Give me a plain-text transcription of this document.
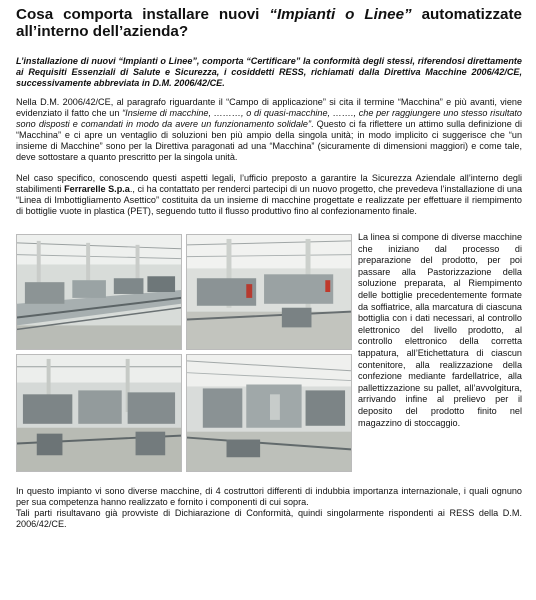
Cosa comporta installare nuovi “Impianti o Linee” automatizzate all’interno dell’azienda?
L’installazione di nuovi “Impianti o Linee”, comporta “Certificare” la conformità degli stessi, riferendosi direttamente ai Requisiti Essenziali di Salute e Sicurezza, i cosiddetti RESS, richiamati dalla Direttiva Macchine 2006/42/CE, successivamente abbreviata in D.M. 2006/42/CE.

Nella D.M. 2006/42/CE, al paragrafo riguardante il “Campo di applicazione” si cita il termine “Macchina” e più avanti, viene evidenziato il fatto che un “Insieme di macchine, ………, o di quasi-macchine, ……., che per raggiungere uno stesso risultato sono disposti e comandati in modo da avere un funzionamento solidale”. Questo ci fa riflettere un attimo sulla definizione di “Macchina” e ci apre un ventaglio di soluzioni ben più ampio della singola unità; in modo implicito ci suggerisce che “un insieme di Macchine” sono per la Direttiva paragonati ad una “Macchina” (sicuramente di dimensioni maggiori) e come tale, deve sottostare a quanto prescritto per la singola unità.

Nel caso specifico, conoscendo questi aspetti legali, l’ufficio preposto a garantire la Sicurezza Aziendale all’interno degli stabilimenti Ferrarelle S.p.a., ci ha contattato per renderci partecipi di un nuovo progetto, che prevedeva l’installazione di una “Linea di Imbottigliamento Asettico” costituita da un insieme di macchine progettate e realizzate per effettuare il riempimento di bottiglie vuote in plastica (PET), seguendo tutto il flusso produttivo fino al confezionamento finale.

La linea si compone di diverse macchine che iniziano dal processo di preparazione del prodotto, per poi passare alla Pastorizzazione della soluzione preparata, al Riempimento delle bottiglie precedentemente formate da soffiatrice, alla marcatura di ciascuna bottiglia con i dati necessari, al controllo elettronico del livello prodotto, al controllo elettronico della corretta tappatura, all’Etichettatura di ciascun contenitore, alla realizzazione della confezione mediante fardellatrice, alla pallettizzazione su pallet, all’avvolgitura, arrivando infine al prelievo per il deposito del prodotto finito nel magazzino di stoccaggio.

In questo impianto vi sono diverse macchine, di 4 costruttori differenti di indubbia importanza internazionale, i quali ognuno per sua competenza hanno realizzato e fornito i componenti di cui sopra.

Tali parti risultavano già provviste di Dichiarazione di Conformità, quindi singolarmente rispondenti ai RESS della D.M. 2006/42/CE.
